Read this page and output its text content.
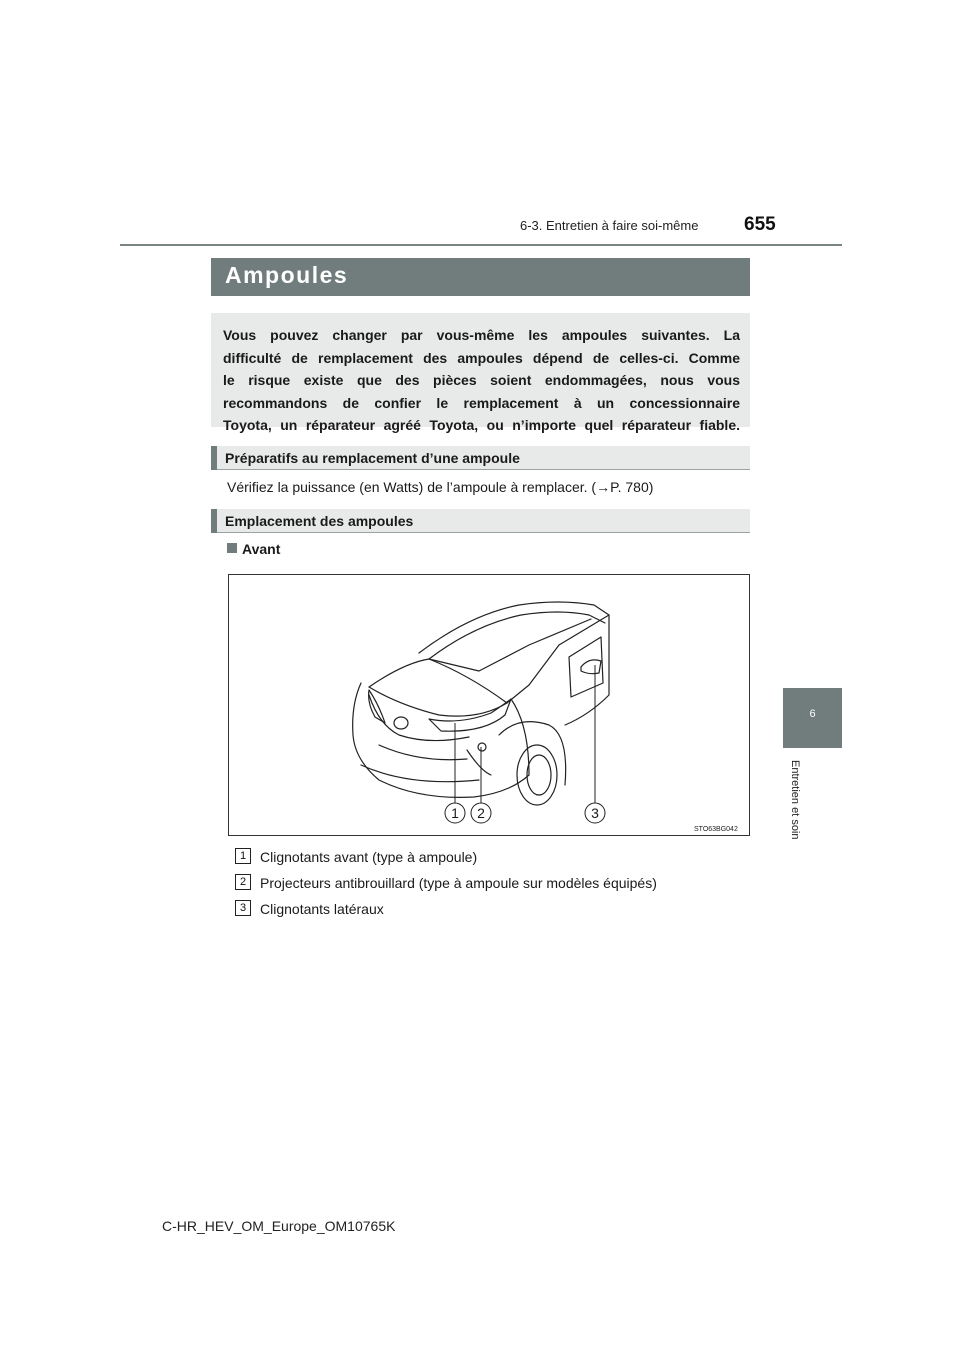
6-3. Entretien à faire soi-même 655
6
Entretien et soin
Ampoules
Vous pouvez changer par vous-même les ampoules suivantes. La
difficulté de remplacement des ampoules dépend de celles-ci. Comme
le risque existe que des pièces soient endommagées, nous vous
recommandons de confier le remplacement à un concessionnaire
Toyota, un réparateur agréé Toyota, ou n’importe quel réparateur fiable.
Préparatifs au remplacement d’une ampoule
Vérifiez la puissance (en Watts) de l’ampoule à remplacer. (→P. 780)
Emplacement des ampoules
Avant
1 2	3
STO63BG042
1 Clignotants avant (type à ampoule)
2 Projecteurs antibrouillard (type à ampoule sur modèles équipés)
3 Clignotants latéraux
C-HR_HEV_OM_Europe_OM10765K
